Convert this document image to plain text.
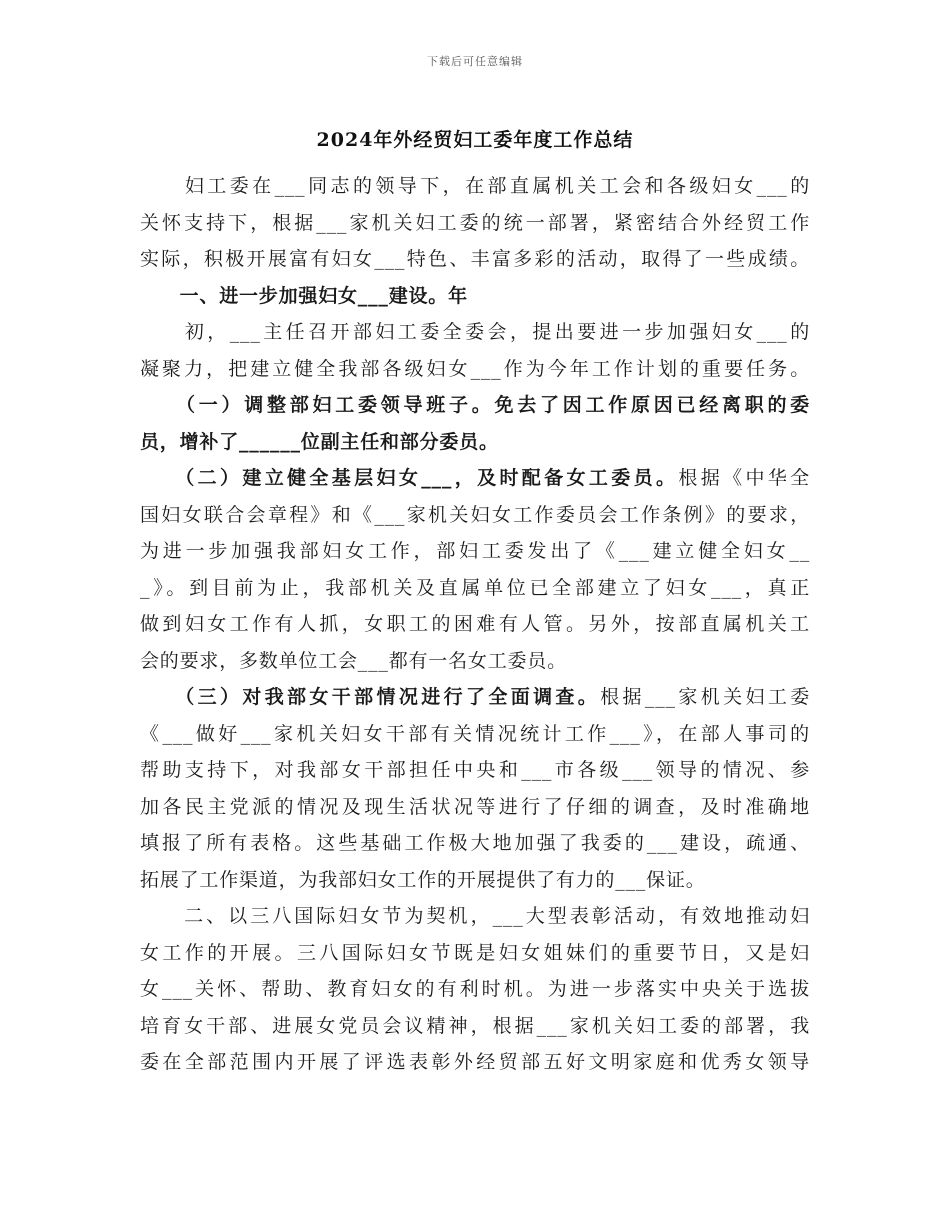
下载后可任意编辑
2024年外经贸妇工委年度工作总结
　　妇工委在___同志的领导下，在部直属机关工会和各级妇女___的
关怀支持下，根据___家机关妇工委的统一部署，紧密结合外经贸工作
实际，积极开展富有妇女___特色、丰富多彩的活动，取得了一些成绩。
　　一、进一步加强妇女___建设。年
　　初，___主任召开部妇工委全委会，提出要进一步加强妇女___的
凝聚力，把建立健全我部各级妇女___作为今年工作计划的重要任务。
　　（一）调整部妇工委领导班子。免去了因工作原因已经离职的委
员，增补了______位副主任和部分委员。
　　（二）建立健全基层妇女___，及时配备女工委员。根据《中华全
国妇女联合会章程》和《___家机关妇女工作委员会工作条例》的要求，
为进一步加强我部妇女工作，部妇工委发出了《___建立健全妇女__
_》。到目前为止，我部机关及直属单位已全部建立了妇女___，真正
做到妇女工作有人抓，女职工的困难有人管。另外，按部直属机关工
会的要求，多数单位工会___都有一名女工委员。
　　（三）对我部女干部情况进行了全面调查。根据___家机关妇工委
《___做好___家机关妇女干部有关情况统计工作___》，在部人事司的
帮助支持下，对我部女干部担任中央和___市各级___领导的情况、参
加各民主党派的情况及现生活状况等进行了仔细的调查，及时准确地
填报了所有表格。这些基础工作极大地加强了我委的___建设，疏通、
拓展了工作渠道，为我部妇女工作的开展提供了有力的___保证。
　　二、以三八国际妇女节为契机，___大型表彰活动，有效地推动妇
女工作的开展。三八国际妇女节既是妇女姐妹们的重要节日，又是妇
女___关怀、帮助、教育妇女的有利时机。为进一步落实中央关于选拔
培育女干部、进展女党员会议精神，根据___家机关妇工委的部署，我
委在全部范围内开展了评选表彰外经贸部五好文明家庭和优秀女领导
